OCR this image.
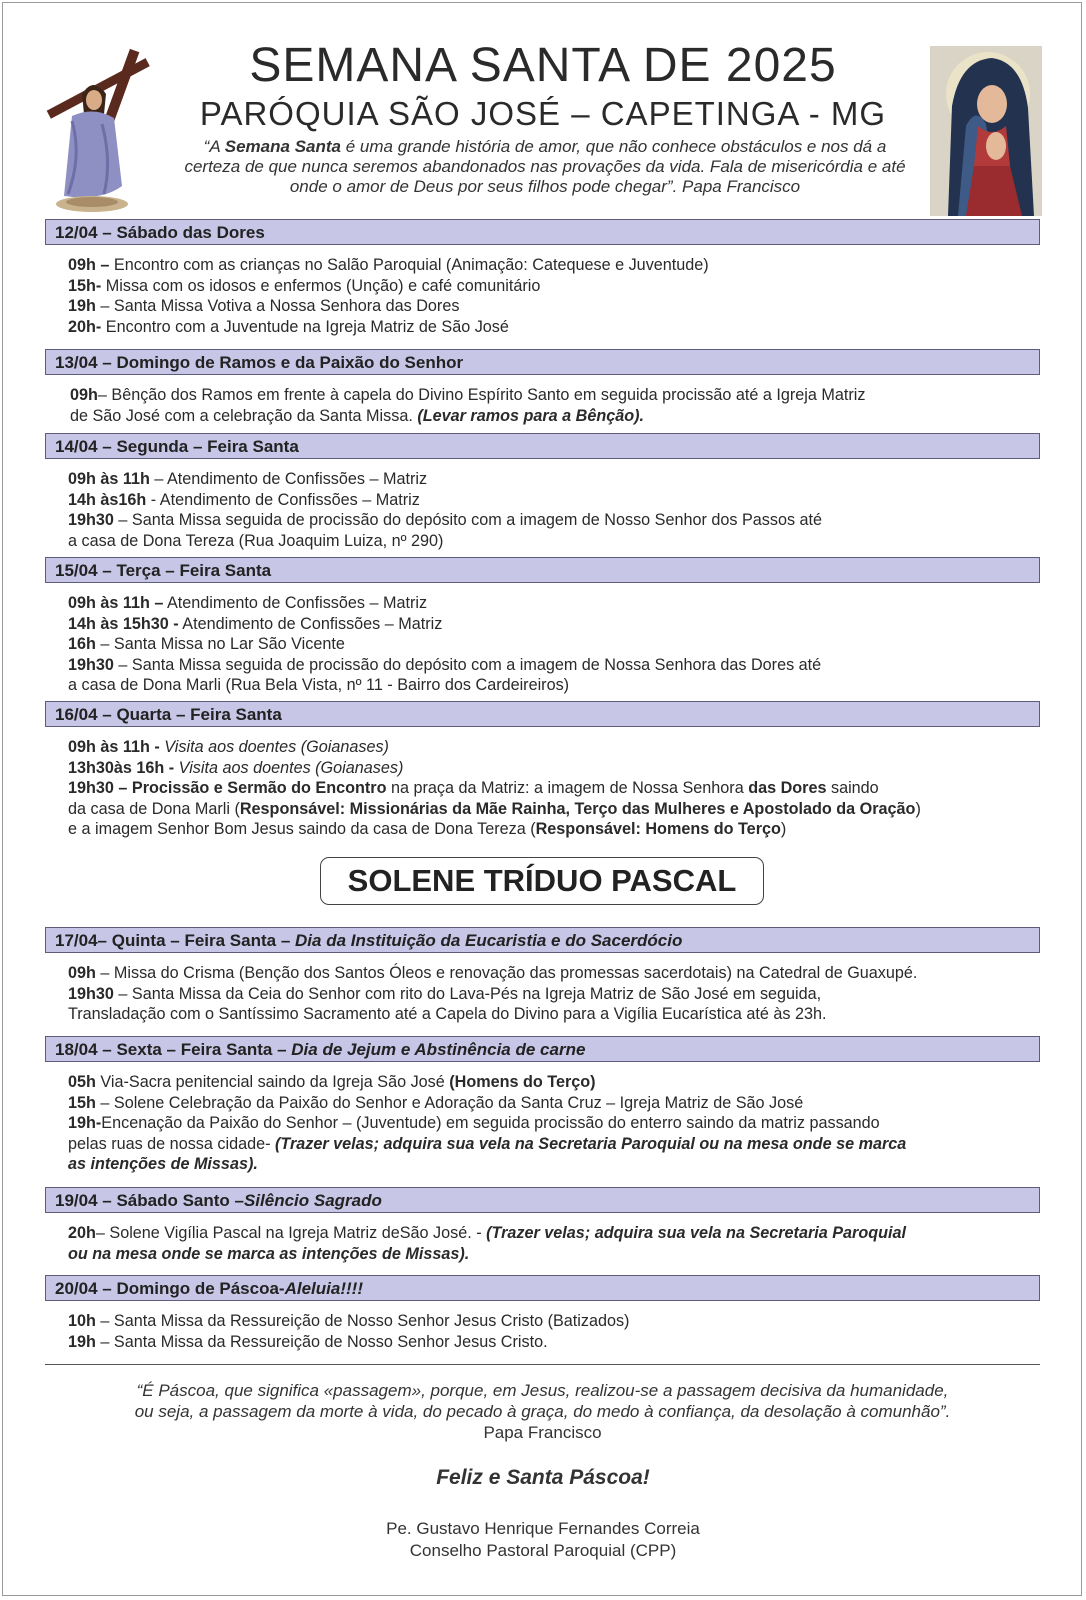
SEMANA SANTA DE 2025
PARÓQUIA SÃO JOSÉ – CAPETINGA - MG
“A Semana Santa é uma grande história de amor, que não conhece obstáculos e nos dá a
certeza de que nunca seremos abandonados nas provações da vida. Fala de misericórdia e até
onde o amor de Deus por seus filhos pode chegar”. Papa Francisco
12/04 – Sábado das Dores
09h – Encontro com as crianças no Salão Paroquial (Animação: Catequese e Juventude)
15h- Missa com os idosos e enfermos (Unção) e café comunitário
19h – Santa Missa Votiva a Nossa Senhora das Dores
20h- Encontro com a Juventude na Igreja Matriz de São José
13/04 – Domingo de Ramos e da Paixão do Senhor
09h– Bênção dos Ramos em frente à capela do Divino Espírito Santo em seguida procissão até a Igreja Matriz
de São José com a celebração da Santa Missa. (Levar ramos para a Bênção).
14/04 – Segunda – Feira Santa
09h às 11h – Atendimento de Confissões – Matriz
14h às16h - Atendimento de Confissões – Matriz
19h30 – Santa Missa seguida de procissão do depósito com a imagem de Nosso Senhor dos Passos até
a casa de Dona Tereza (Rua Joaquim Luiza, nº 290)
15/04 – Terça – Feira Santa
09h às 11h – Atendimento de Confissões – Matriz
14h às 15h30 - Atendimento de Confissões – Matriz
16h – Santa Missa no Lar São Vicente
19h30 – Santa Missa seguida de procissão do depósito com a imagem de Nossa Senhora das Dores até
a casa de Dona Marli (Rua Bela Vista, nº 11 - Bairro dos Cardeireiros)
16/04 – Quarta – Feira Santa
09h às 11h - Visita aos doentes (Goianases)
13h30às 16h - Visita aos doentes (Goianases)
19h30 – Procissão e Sermão do Encontro na praça da Matriz: a imagem de Nossa Senhora das Dores saindo
da casa de Dona Marli (Responsável: Missionárias da Mãe Rainha, Terço das Mulheres e Apostolado da Oração)
e a imagem Senhor Bom Jesus saindo da casa de Dona Tereza (Responsável: Homens do Terço)
SOLENE TRÍDUO PASCAL
17/04– Quinta – Feira Santa – Dia da Instituição da Eucaristia e do Sacerdócio
09h – Missa do Crisma (Benção dos Santos Óleos e renovação das promessas sacerdotais) na Catedral de Guaxupé.
19h30 – Santa Missa da Ceia do Senhor com rito do Lava-Pés na Igreja Matriz de São José em seguida,
Transladação com o Santíssimo Sacramento até a Capela do Divino para a Vigília Eucarística até às 23h.
18/04 – Sexta – Feira Santa – Dia de Jejum e Abstinência de carne
05h Via-Sacra penitencial saindo da Igreja São José (Homens do Terço)
15h – Solene Celebração da Paixão do Senhor e Adoração da Santa Cruz – Igreja Matriz de São José
19h-Encenação da Paixão do Senhor – (Juventude) em seguida procissão do enterro saindo da matriz passando
pelas ruas de nossa cidade- (Trazer velas; adquira sua vela na Secretaria Paroquial ou na mesa onde se marca
as intenções de Missas).
19/04 – Sábado Santo –Silêncio Sagrado
20h– Solene Vigília Pascal na Igreja Matriz deSão José. - (Trazer velas; adquira sua vela na Secretaria Paroquial
ou na mesa onde se marca as intenções de Missas).
20/04 – Domingo de Páscoa-Aleluia!!!!
10h – Santa Missa da Ressureição de Nosso Senhor Jesus Cristo (Batizados)
19h – Santa Missa da Ressureição de Nosso Senhor Jesus Cristo.
“É Páscoa, que significa «passagem», porque, em Jesus, realizou-se a passagem decisiva da humanidade,
ou seja, a passagem da morte à vida, do pecado à graça, do medo à confiança, da desolação à comunhão”.
Papa Francisco
Feliz e Santa Páscoa!
Pe. Gustavo Henrique Fernandes Correia
Conselho Pastoral Paroquial (CPP)
